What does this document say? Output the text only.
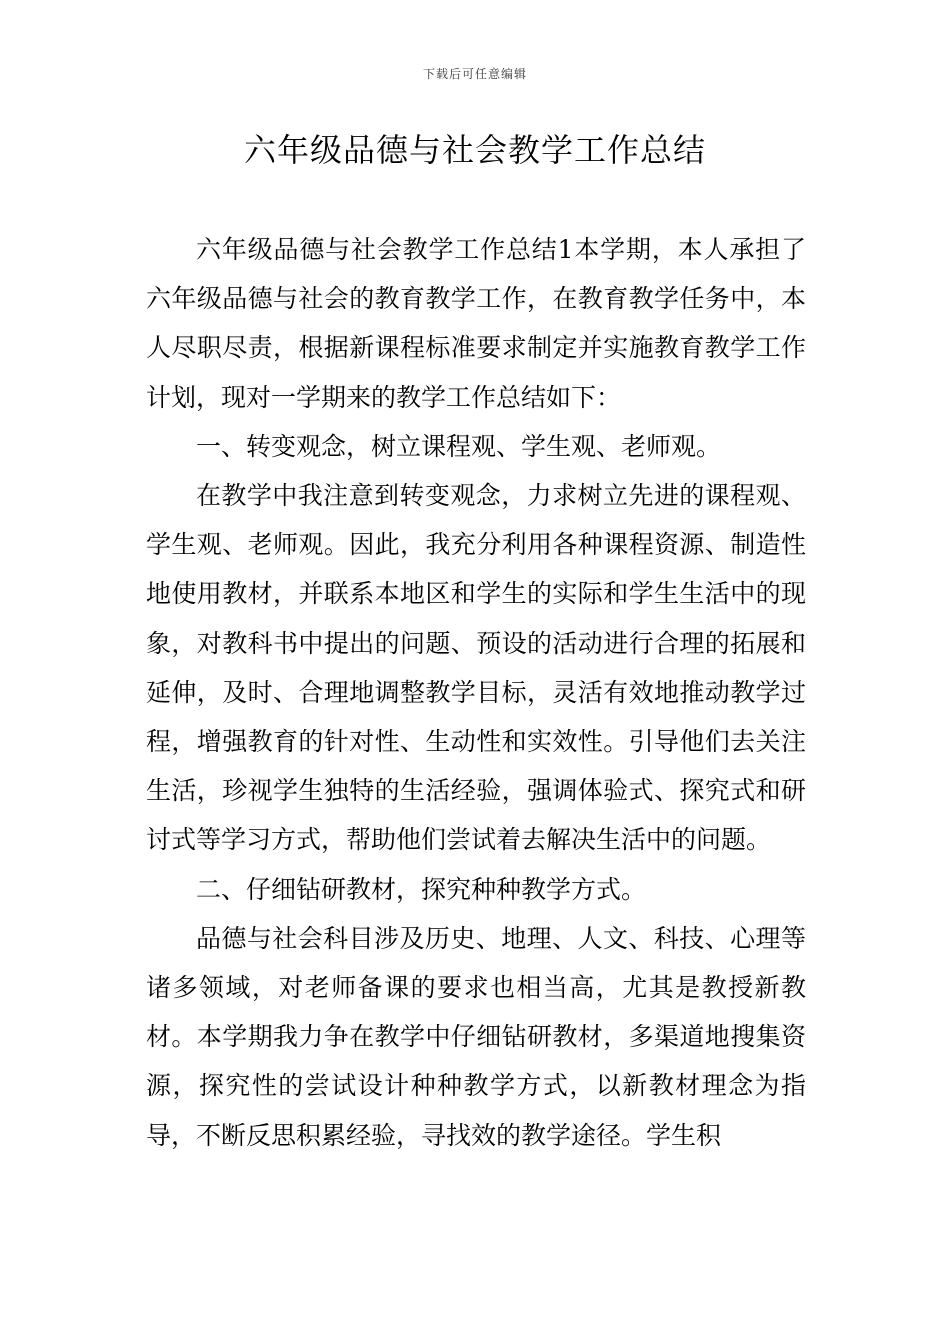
下载后可任意编辑
六年级品德与社会教学工作总结

六年级品德与社会教学工作总结1本学期，本人承担了六年级品德与社会的教育教学工作，在教育教学任务中，本人尽职尽责，根据新课程标准要求制定并实施教育教学工作计划，现对一学期来的教学工作总结如下：

一、转变观念，树立课程观、学生观、老师观。

在教学中我注意到转变观念，力求树立先进的课程观、学生观、老师观。因此，我充分利用各种课程资源、制造性地使用教材，并联系本地区和学生的实际和学生生活中的现象，对教科书中提出的问题、预设的活动进行合理的拓展和延伸，及时、合理地调整教学目标，灵活有效地推动教学过程，增强教育的针对性、生动性和实效性。引导他们去关注生活，珍视学生独特的生活经验，强调体验式、探究式和研讨式等学习方式，帮助他们尝试着去解决生活中的问题。

二、仔细钻研教材，探究种种教学方式。

品德与社会科目涉及历史、地理、人文、科技、心理等诸多领域，对老师备课的要求也相当高，尤其是教授新教材。本学期我力争在教学中仔细钻研教材，多渠道地搜集资源，探究性的尝试设计种种教学方式，以新教材理念为指导，不断反思积累经验，寻找效的教学途径。学生积
